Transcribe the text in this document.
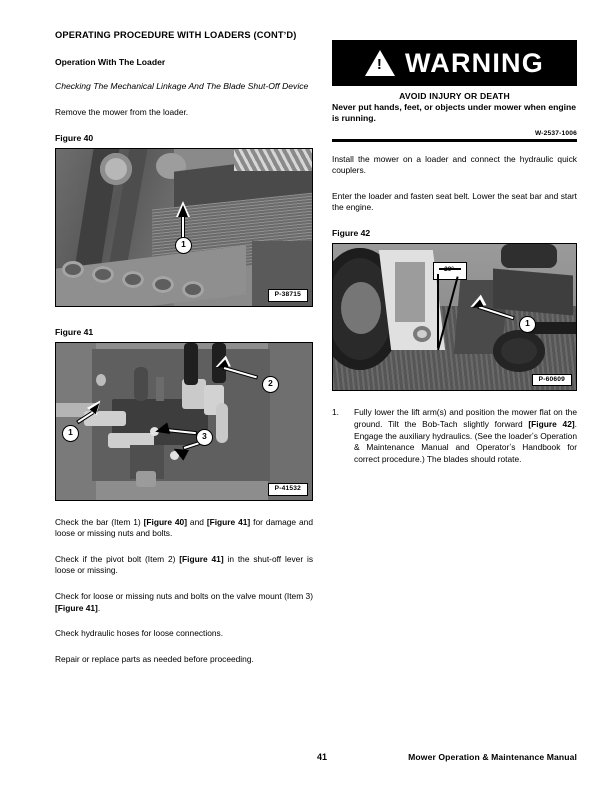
OPERATING PROCEDURE WITH LOADERS (CONTʼD)
Operation With The Loader
Checking The Mechanical Linkage And The Blade Shut-Off Device

Remove the mower from the loader.

Figure 40
1
P-38715
Figure 41
1
2
3
P-41532

Check the bar (Item 1) [Figure 40] and [Figure 41] for damage and loose or missing nuts and bolts.

Check if the pivot bolt (Item 2) [Figure 41] in the shut-off lever is loose or missing.

Check for loose or missing nuts and bolts on the valve mount (Item 3) [Figure 41].

Check hydraulic hoses for loose connections.

Repair or replace parts as needed before proceeding.

!
WARNING
AVOID INJURY OR DEATH
Never put hands, feet, or objects under mower when engine is running.
W-2537-1006

Install the mower on a loader and connect the hydraulic quick couplers.

Enter the loader and fasten seat belt. Lower the seat bar and start the engine.

Figure 42
1
P-60609
1. Fully lower the lift arm(s) and position the mower flat on the ground. Tilt the Bob-Tach slightly forward [Figure 42]. Engage the auxiliary hydraulics. (See the loaderʼs Operation & Maintenance Manual and Operatorʼs Handbook for correct procedure.) The blades should rotate.
41	Mower Operation & Maintenance Manual
